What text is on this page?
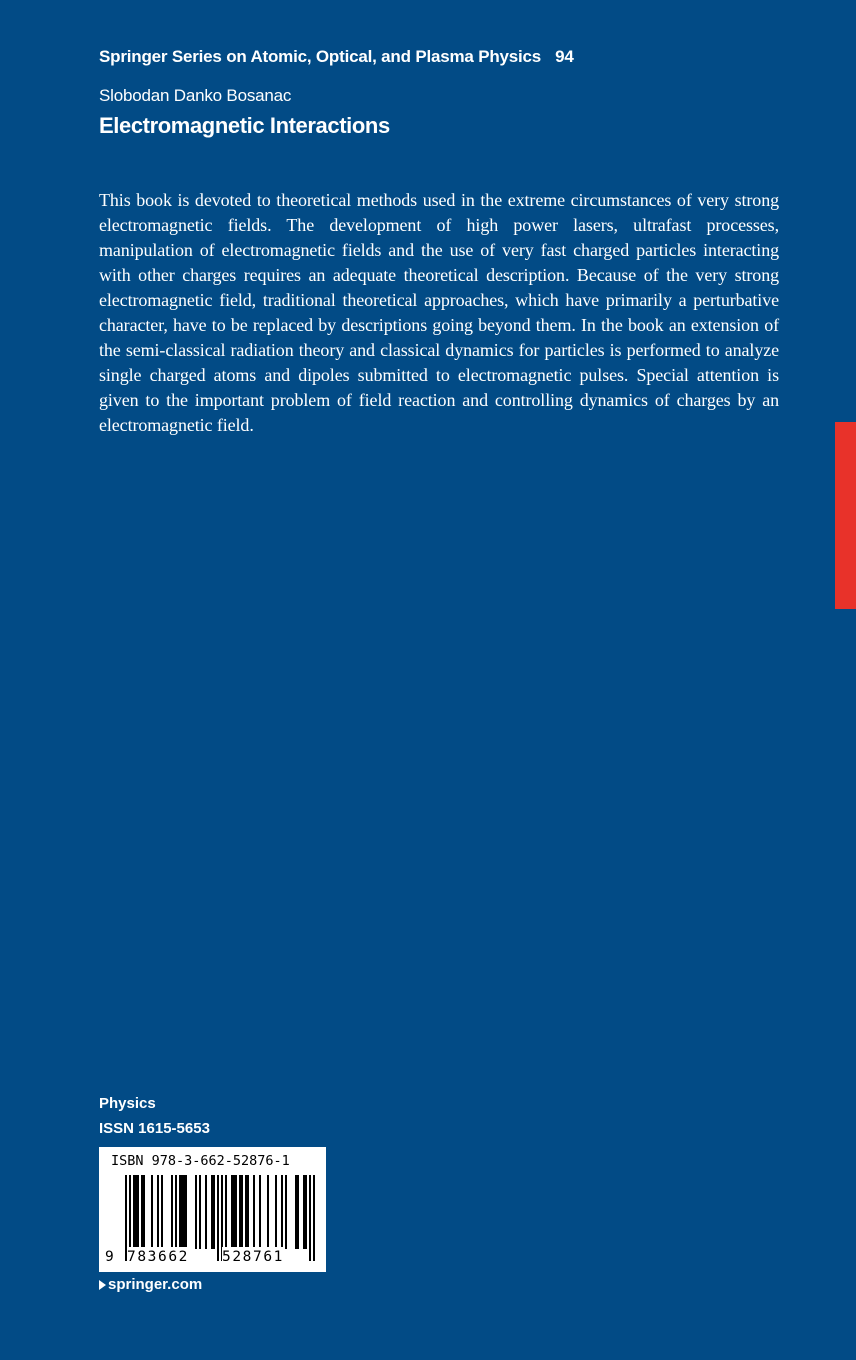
Springer Series on Atomic, Optical, and Plasma Physics 94
Slobodan Danko Bosanac
Electromagnetic Interactions

This book is devoted to theoretical methods used in the extreme circumstances of very strong electromagnetic fields. The development of high power lasers, ultrafast processes, manipulation of electromagnetic fields and the use of very fast charged particles interacting with other charges requires an adequate theoretical description. Because of the very strong electromagnetic field, traditional theoretical approaches, which have primarily a perturbative character, have to be replaced by descriptions going beyond them. In the book an extension of the semi-classical radiation theory and classical dynamics for particles is performed to analyze single charged atoms and dipoles submitted to electromagnetic pulses. Special attention is given to the important problem of field reaction and controlling dynamics of charges by an electromagnetic field.

Physics
ISSN 1615-5653
ISBN 978-3-662-52876-1
9 783662 528761
springer.com
